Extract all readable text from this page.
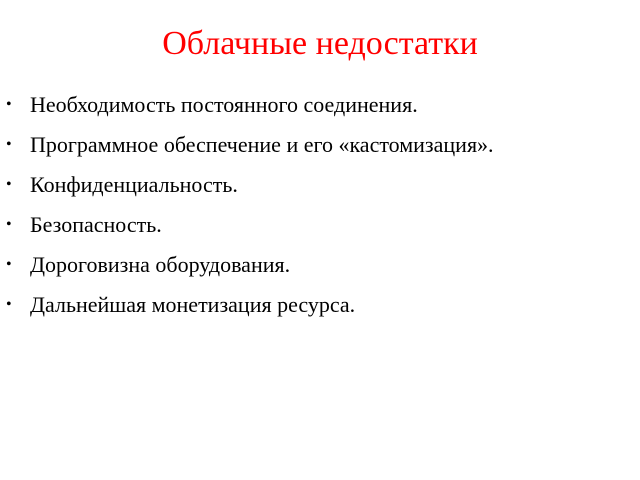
Облачные недостатки
• Необходимость постоянного соединения.
• Программное обеспечение и его «кастомизация».
• Конфиденциальность.
• Безопасность.
• Дороговизна оборудования.
• Дальнейшая монетизация ресурса.
